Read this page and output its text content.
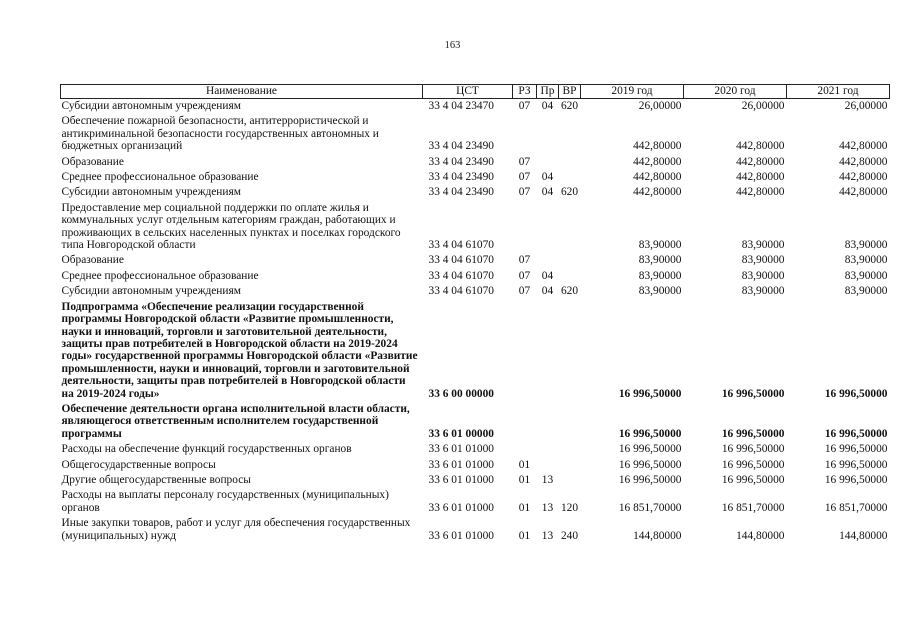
163
Наименование	ЦСТ	РЗ	Пр	ВР	2019 год	2020 год	2021 год
Субсидии автономным учреждениям	33 4 04 23470	07	04	620	26,00000	26,00000	26,00000
Обеспечение пожарной безопасности, антитеррористической и антикриминальной безопасности государственных автономных и бюджетных организаций	33 4 04 23490				442,80000	442,80000	442,80000
Образование	33 4 04 23490	07			442,80000	442,80000	442,80000
Среднее профессиональное образование	33 4 04 23490	07	04		442,80000	442,80000	442,80000
Субсидии автономным учреждениям	33 4 04 23490	07	04	620	442,80000	442,80000	442,80000
Предоставление мер социальной поддержки по оплате жилья и коммунальных услуг отдельным категориям граждан, работающих и проживающих в сельских населенных пунктах и поселках городского типа Новгородской области	33 4 04 61070				83,90000	83,90000	83,90000
Образование	33 4 04 61070	07			83,90000	83,90000	83,90000
Среднее профессиональное образование	33 4 04 61070	07	04		83,90000	83,90000	83,90000
Субсидии автономным учреждениям	33 4 04 61070	07	04	620	83,90000	83,90000	83,90000
Подпрограмма «Обеспечение реализации государственной программы Новгородской области «Развитие промышленности, науки и инноваций, торговли и заготовительной деятельности, защиты прав потребителей в Новгородской области на 2019-2024 годы» государственной программы Новгородской области «Развитие промышленности, науки и инноваций, торговли и заготовительной деятельности, защиты прав потребителей в Новгородской области на 2019-2024 годы»	33 6 00 00000				16 996,50000	16 996,50000	16 996,50000
Обеспечение деятельности органа исполнительной власти области, являющегося ответственным исполнителем государственной программы	33 6 01 00000				16 996,50000	16 996,50000	16 996,50000
Расходы на обеспечение функций государственных органов	33 6 01 01000				16 996,50000	16 996,50000	16 996,50000
Общегосударственные вопросы	33 6 01 01000	01			16 996,50000	16 996,50000	16 996,50000
Другие общегосударственные вопросы	33 6 01 01000	01	13		16 996,50000	16 996,50000	16 996,50000
Расходы на выплаты персоналу государственных (муниципальных) органов	33 6 01 01000	01	13	120	16 851,70000	16 851,70000	16 851,70000
Иные закупки товаров, работ и услуг для обеспечения государственных (муниципальных) нужд	33 6 01 01000	01	13	240	144,80000	144,80000	144,80000
